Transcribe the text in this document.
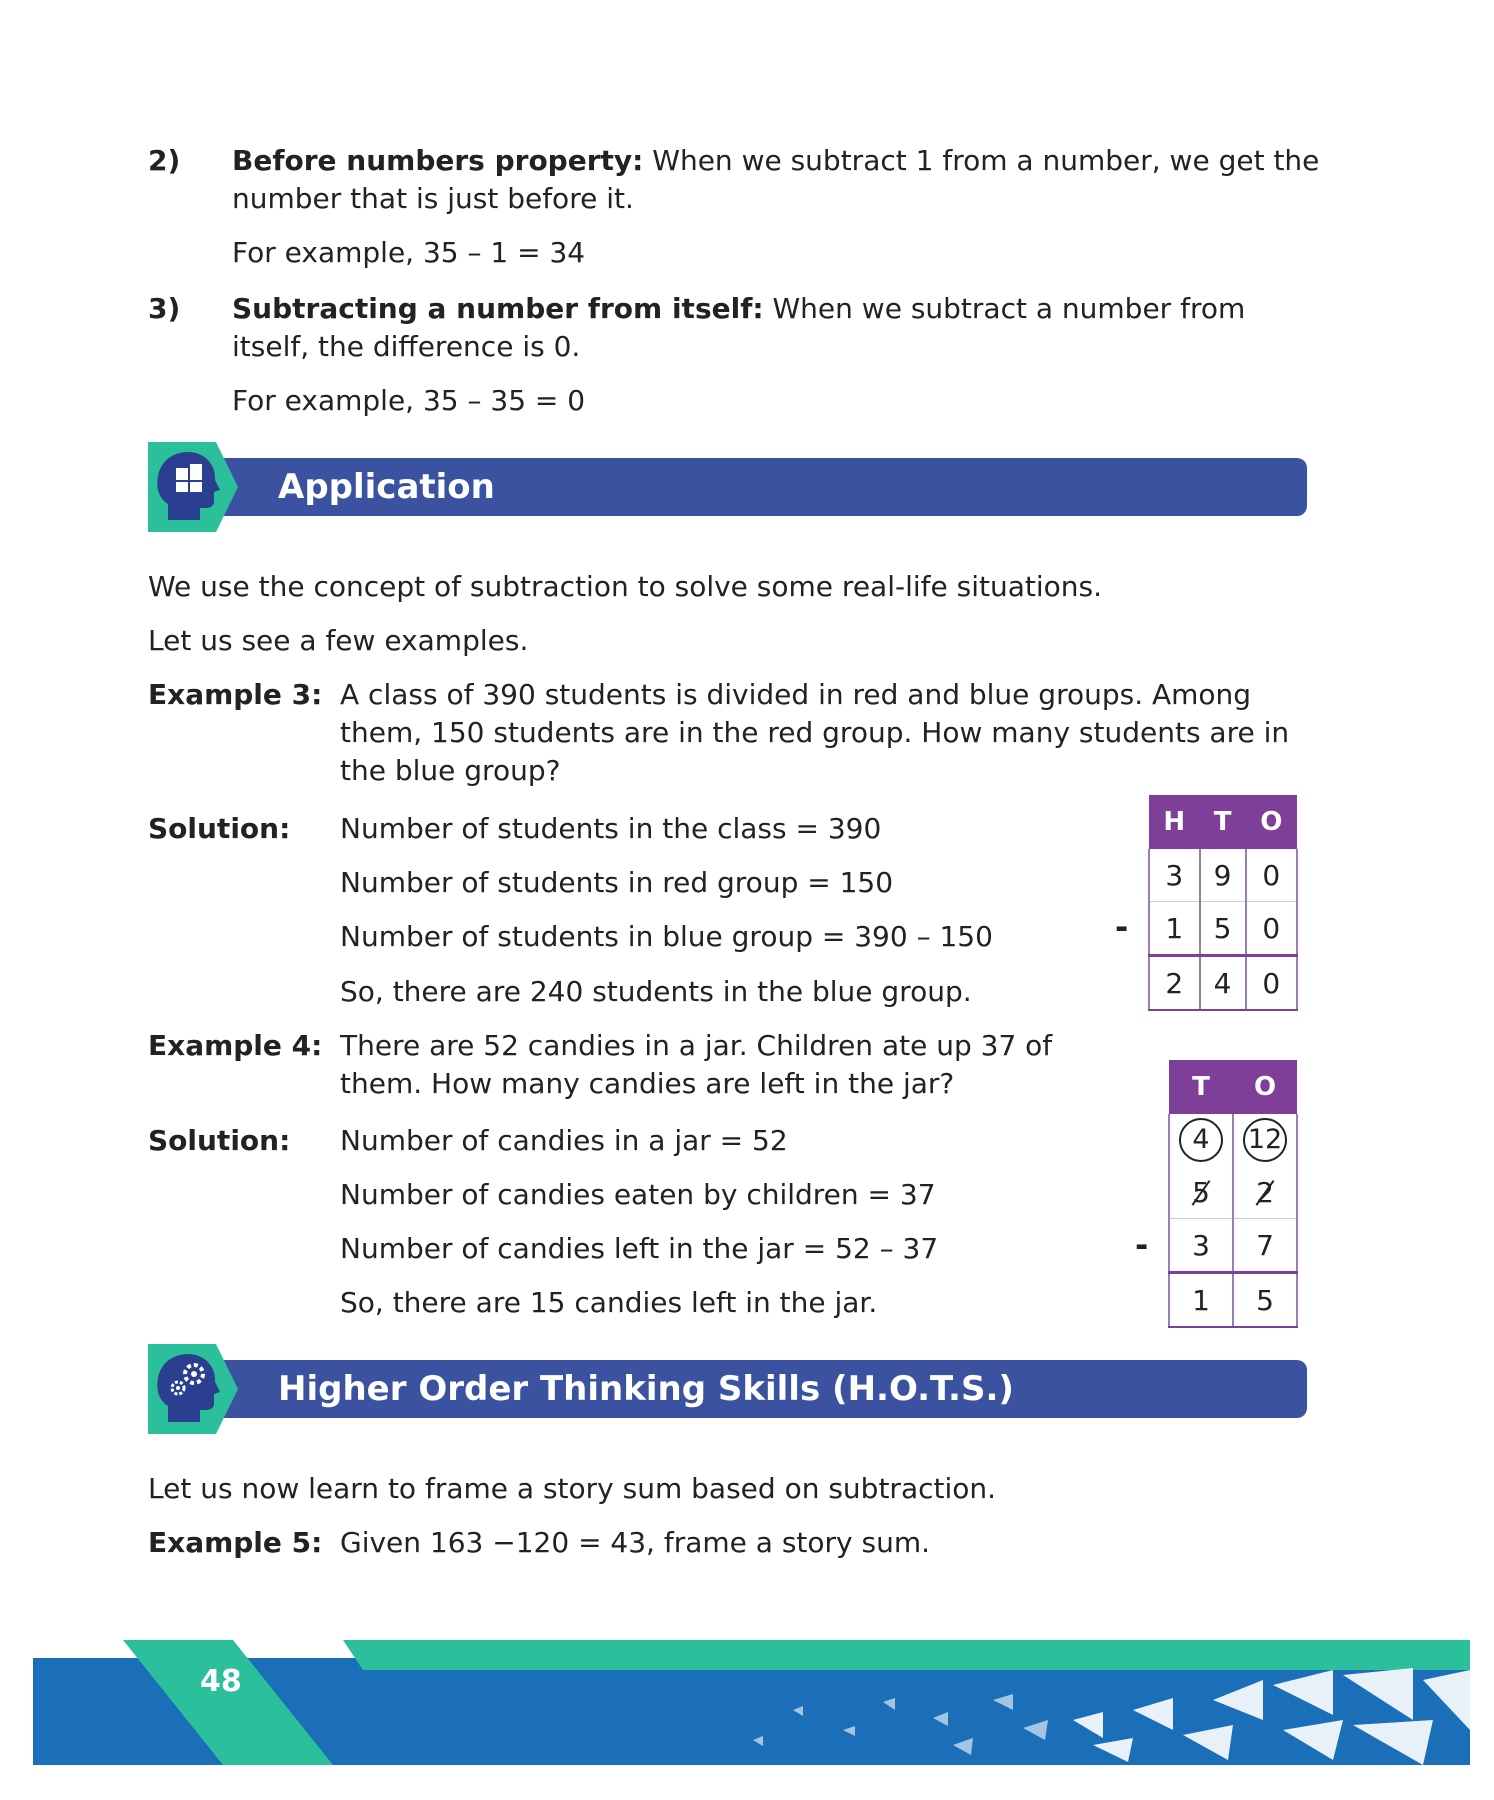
2) Before numbers property: When we subtract 1 from a number, we get the number that is just before it.
For example, 35 – 1 = 34
3) Subtracting a number from itself: When we subtract a number from itself, the difference is 0.
For example, 35 – 35 = 0
Application
We use the concept of subtraction to solve some real-life situations.
Let us see a few examples.
Example 3: A class of 390 students is divided in red and blue groups. Among them, 150 students are in the red group. How many students are in the blue group?
Solution: Number of students in the class = 390
Number of students in red group = 150
Number of students in blue group = 390 – 150
So, there are 240 students in the blue group.
H	T	O
3	9	0
1	5	0
2	4	0
-
Example 4: There are 52 candies in a jar. Children ate up 37 of them. How many candies are left in the jar?
Solution: Number of candies in a jar = 52
Number of candies eaten by children = 37
Number of candies left in the jar = 52 – 37
So, there are 15 candies left in the jar.
T	O
4	12
5	2
3	7
1	5
-
Higher Order Thinking Skills (H.O.T.S.)
Let us now learn to frame a story sum based on subtraction.
Example 5: Given 163 −120 = 43, frame a story sum.
48
